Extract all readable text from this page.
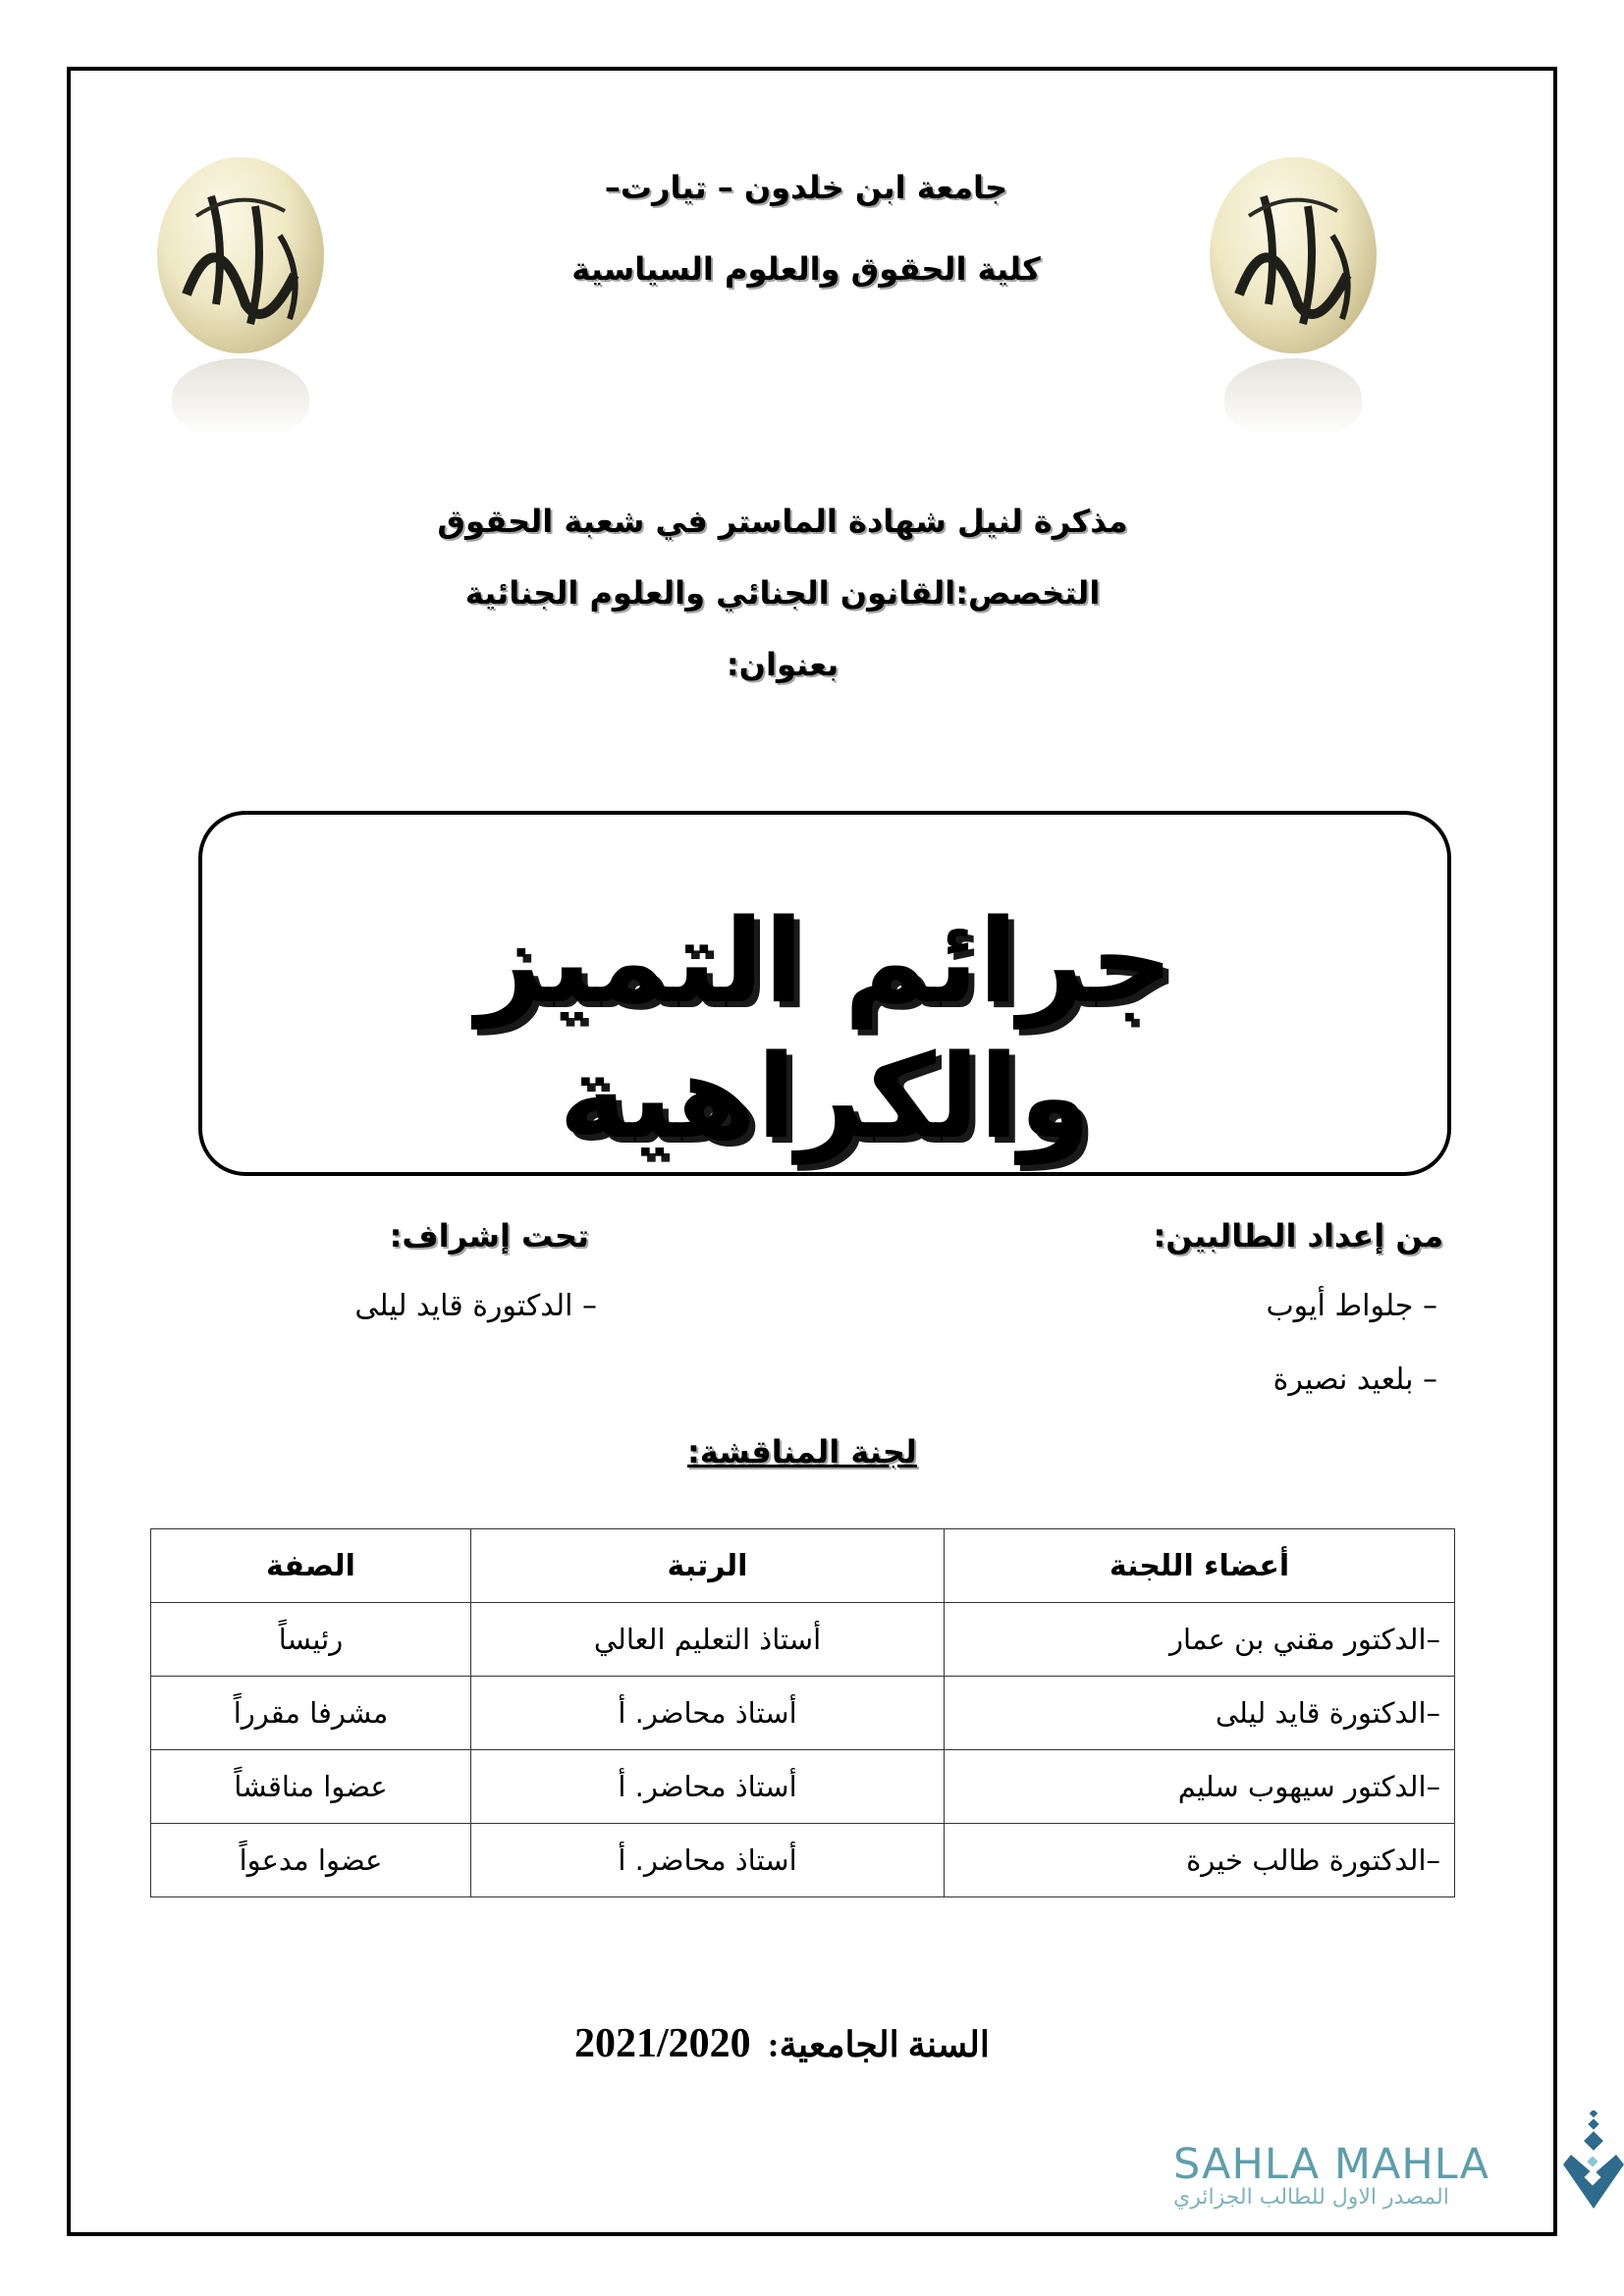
جامعة ابن خلدون – تيارت–
كلية الحقوق والعلوم السياسية
مذكرة لنيل شهادة الماستر في شعبة الحقوق
التخصص:القانون الجنائي والعلوم الجنائية
بعنوان:
جرائم التميز والكراهية
من إعداد الطالبين:
– جلواط أيوب
– بلعيد نصيرة
تحت إشراف:
– الدكتورة قايد ليلى
لجنة المناقشة:
أعضاء اللجنة	الرتبة	الصفة
–الدكتور مقني بن عمار	أستاذ التعليم العالي	رئيساً
–الدكتورة قايد ليلى	أستاذ محاضر. أ	مشرفا مقرراً
–الدكتور سيهوب سليم	أستاذ محاضر. أ	عضوا مناقشاً
–الدكتورة طالب خيرة	أستاذ محاضر. أ	عضوا مدعواً
السنة الجامعية: 2021/2020
SAHLA MAHLA
المصدر الاول للطالب الجزائري
